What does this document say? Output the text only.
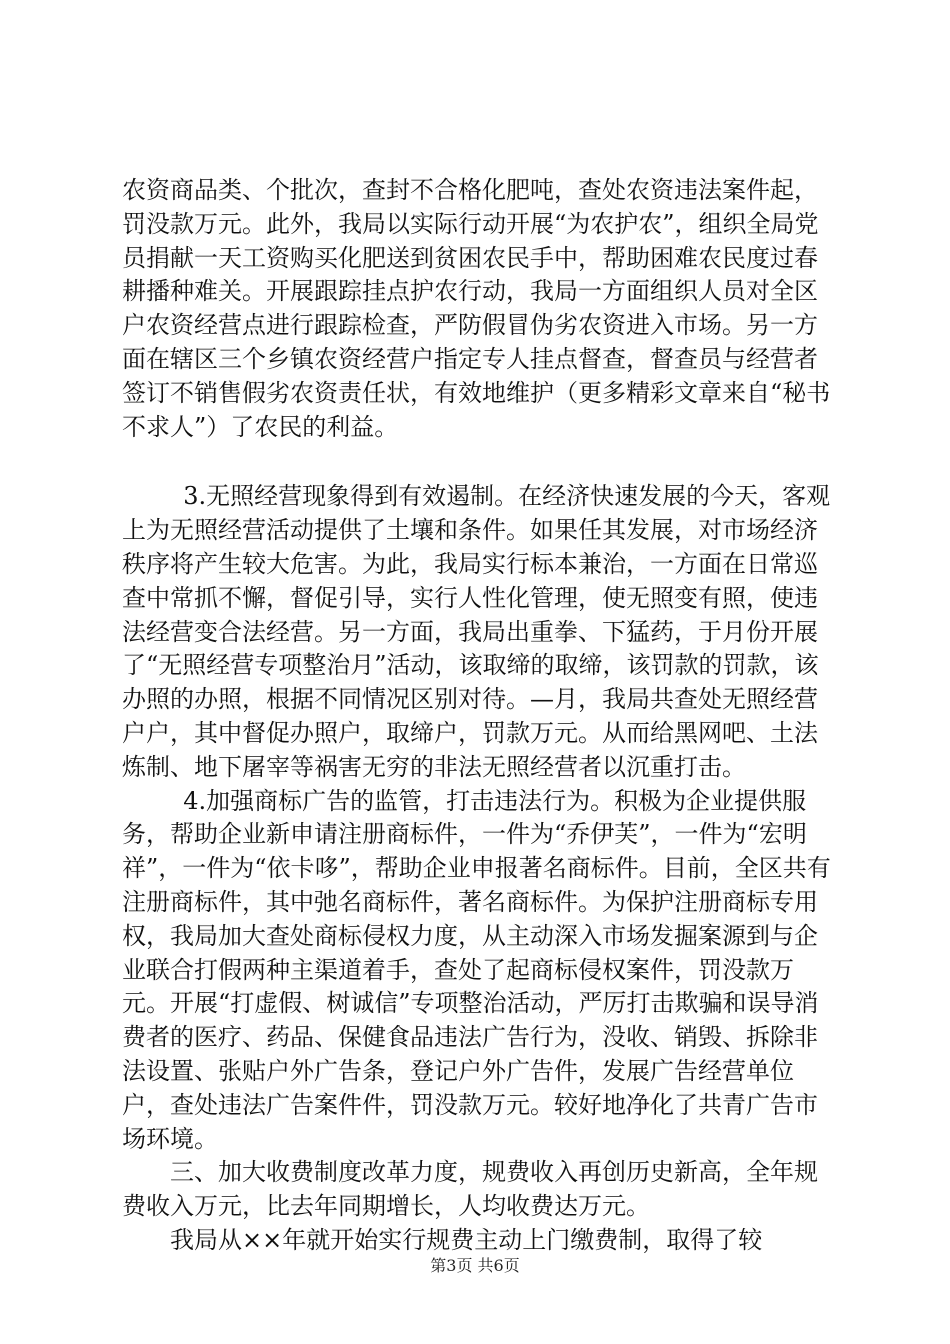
农资商品类、个批次，查封不合格化肥吨，查处农资违法案件起，罚没款万元。此外，我局以实际行动开展“为农护农”，组织全局党员捐献一天工资购买化肥送到贫困农民手中，帮助困难农民度过春耕播种难关。开展跟踪挂点护农行动，我局一方面组织人员对全区户农资经营点进行跟踪检查，严防假冒伪劣农资进入市场。另一方面在辖区三个乡镇农资经营户指定专人挂点督查，督查员与经营者签订不销售假劣农资责任状，有效地维护（更多精彩文章来自“秘书不求人”）了农民的利益。

3.无照经营现象得到有效遏制。在经济快速发展的今天，客观上为无照经营活动提供了土壤和条件。如果任其发展，对市场经济秩序将产生较大危害。为此，我局实行标本兼治，一方面在日常巡查中常抓不懈，督促引导，实行人性化管理，使无照变有照，使违法经营变合法经营。另一方面，我局出重拳、下猛药，于月份开展了“无照经营专项整治月”活动，该取缔的取缔，该罚款的罚款，该办照的办照，根据不同情况区别对待。—月，我局共查处无照经营户户，其中督促办照户，取缔户，罚款万元。从而给黑网吧、土法炼制、地下屠宰等祸害无穷的非法无照经营者以沉重打击。

4.加强商标广告的监管，打击违法行为。积极为企业提供服务，帮助企业新申请注册商标件，一件为“乔伊芙”，一件为“宏明祥”，一件为“依卡哆”，帮助企业申报著名商标件。目前，全区共有注册商标件，其中弛名商标件，著名商标件。为保护注册商标专用权，我局加大查处商标侵权力度，从主动深入市场发掘案源到与企业联合打假两种主渠道着手，查处了起商标侵权案件，罚没款万元。开展“打虚假、树诚信”专项整治活动，严厉打击欺骗和误导消费者的医疗、药品、保健食品违法广告行为，没收、销毁、拆除非法设置、张贴户外广告条，登记户外广告件，发展广告经营单位户，查处违法广告案件件，罚没款万元。较好地净化了共青广告市场环境。

三、加大收费制度改革力度，规费收入再创历史新高，全年规费收入万元，比去年同期增长，人均收费达万元。

我局从××年就开始实行规费主动上门缴费制，取得了较

第3页 共6页
